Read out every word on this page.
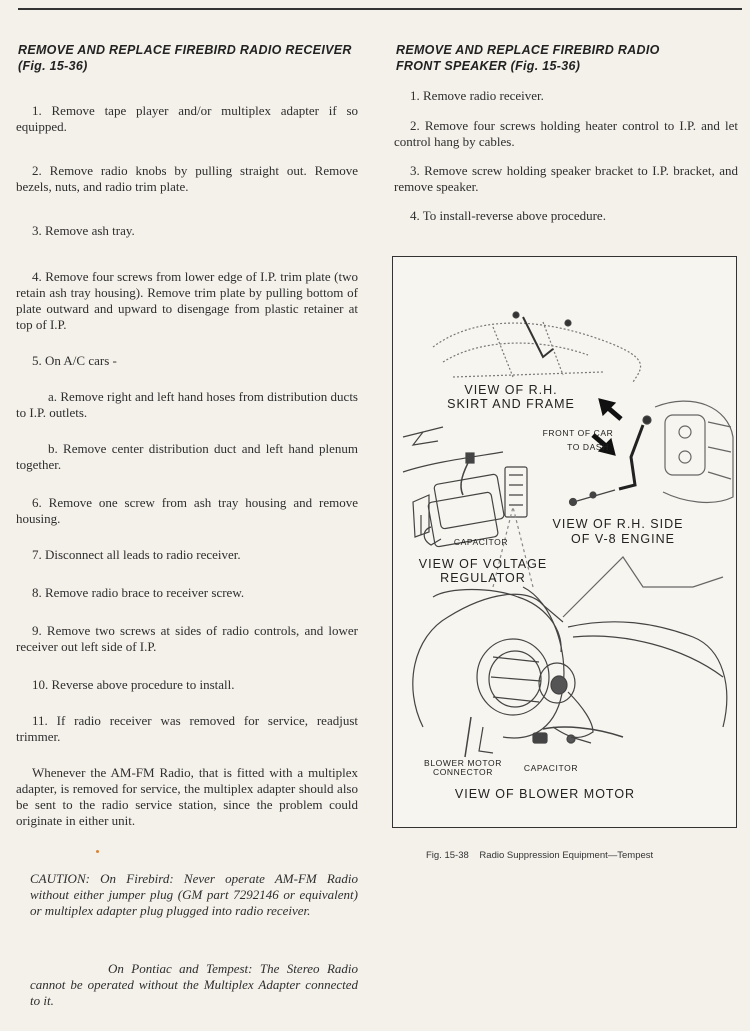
REMOVE AND REPLACE FIREBIRD RADIO RECEIVER
(Fig. 15-36)

1. Remove tape player and/or multiplex adapter if so equipped.

2. Remove radio knobs by pulling straight out. Remove bezels, nuts, and radio trim plate.

3. Remove ash tray.

4. Remove four screws from lower edge of I.P. trim plate (two retain ash tray housing). Remove trim plate by pulling bottom of plate outward and upward to disengage from plastic retainer at top of I.P.

5. On A/C cars -

a. Remove right and left hand hoses from distribution ducts to I.P. outlets.

b. Remove center distribution duct and left hand plenum together.

6. Remove one screw from ash tray housing and remove housing.

7. Disconnect all leads to radio receiver.

8. Remove radio brace to receiver screw.

9. Remove two screws at sides of radio controls, and lower receiver out left side of I.P.

10. Reverse above procedure to install.

11. If radio receiver was removed for service, readjust trimmer.

Whenever the AM-FM Radio, that is fitted with a multiplex adapter, is removed for service, the multiplex adapter should also be sent to the radio service station, since the problem could originate in either unit.

CAUTION: On Firebird: Never operate AM-FM Radio without either jumper plug (GM part 7292146 or equivalent) or multiplex adapter plug plugged into radio receiver.

On Pontiac and Tempest: The Stereo Radio cannot be operated without the Multiplex Adapter connected to it.

REMOVE AND REPLACE FIREBIRD RADIO
FRONT SPEAKER (Fig. 15-36)

1. Remove radio receiver.

2. Remove four screws holding heater control to I.P. and let control hang by cables.

3. Remove screw holding speaker bracket to I.P. bracket, and remove speaker.

4. To install-reverse above procedure.

VIEW OF R.H.
SKIRT AND FRAME
FRONT OF CAR
TO DASH
VIEW OF R.H. SIDE
OF V-8 ENGINE
CAPACITOR
VIEW OF VOLTAGE
REGULATOR
BLOWER MOTOR
CONNECTOR	CAPACITOR
VIEW OF BLOWER MOTOR
Fig. 15-38 Radio Suppression Equipment—Tempest
